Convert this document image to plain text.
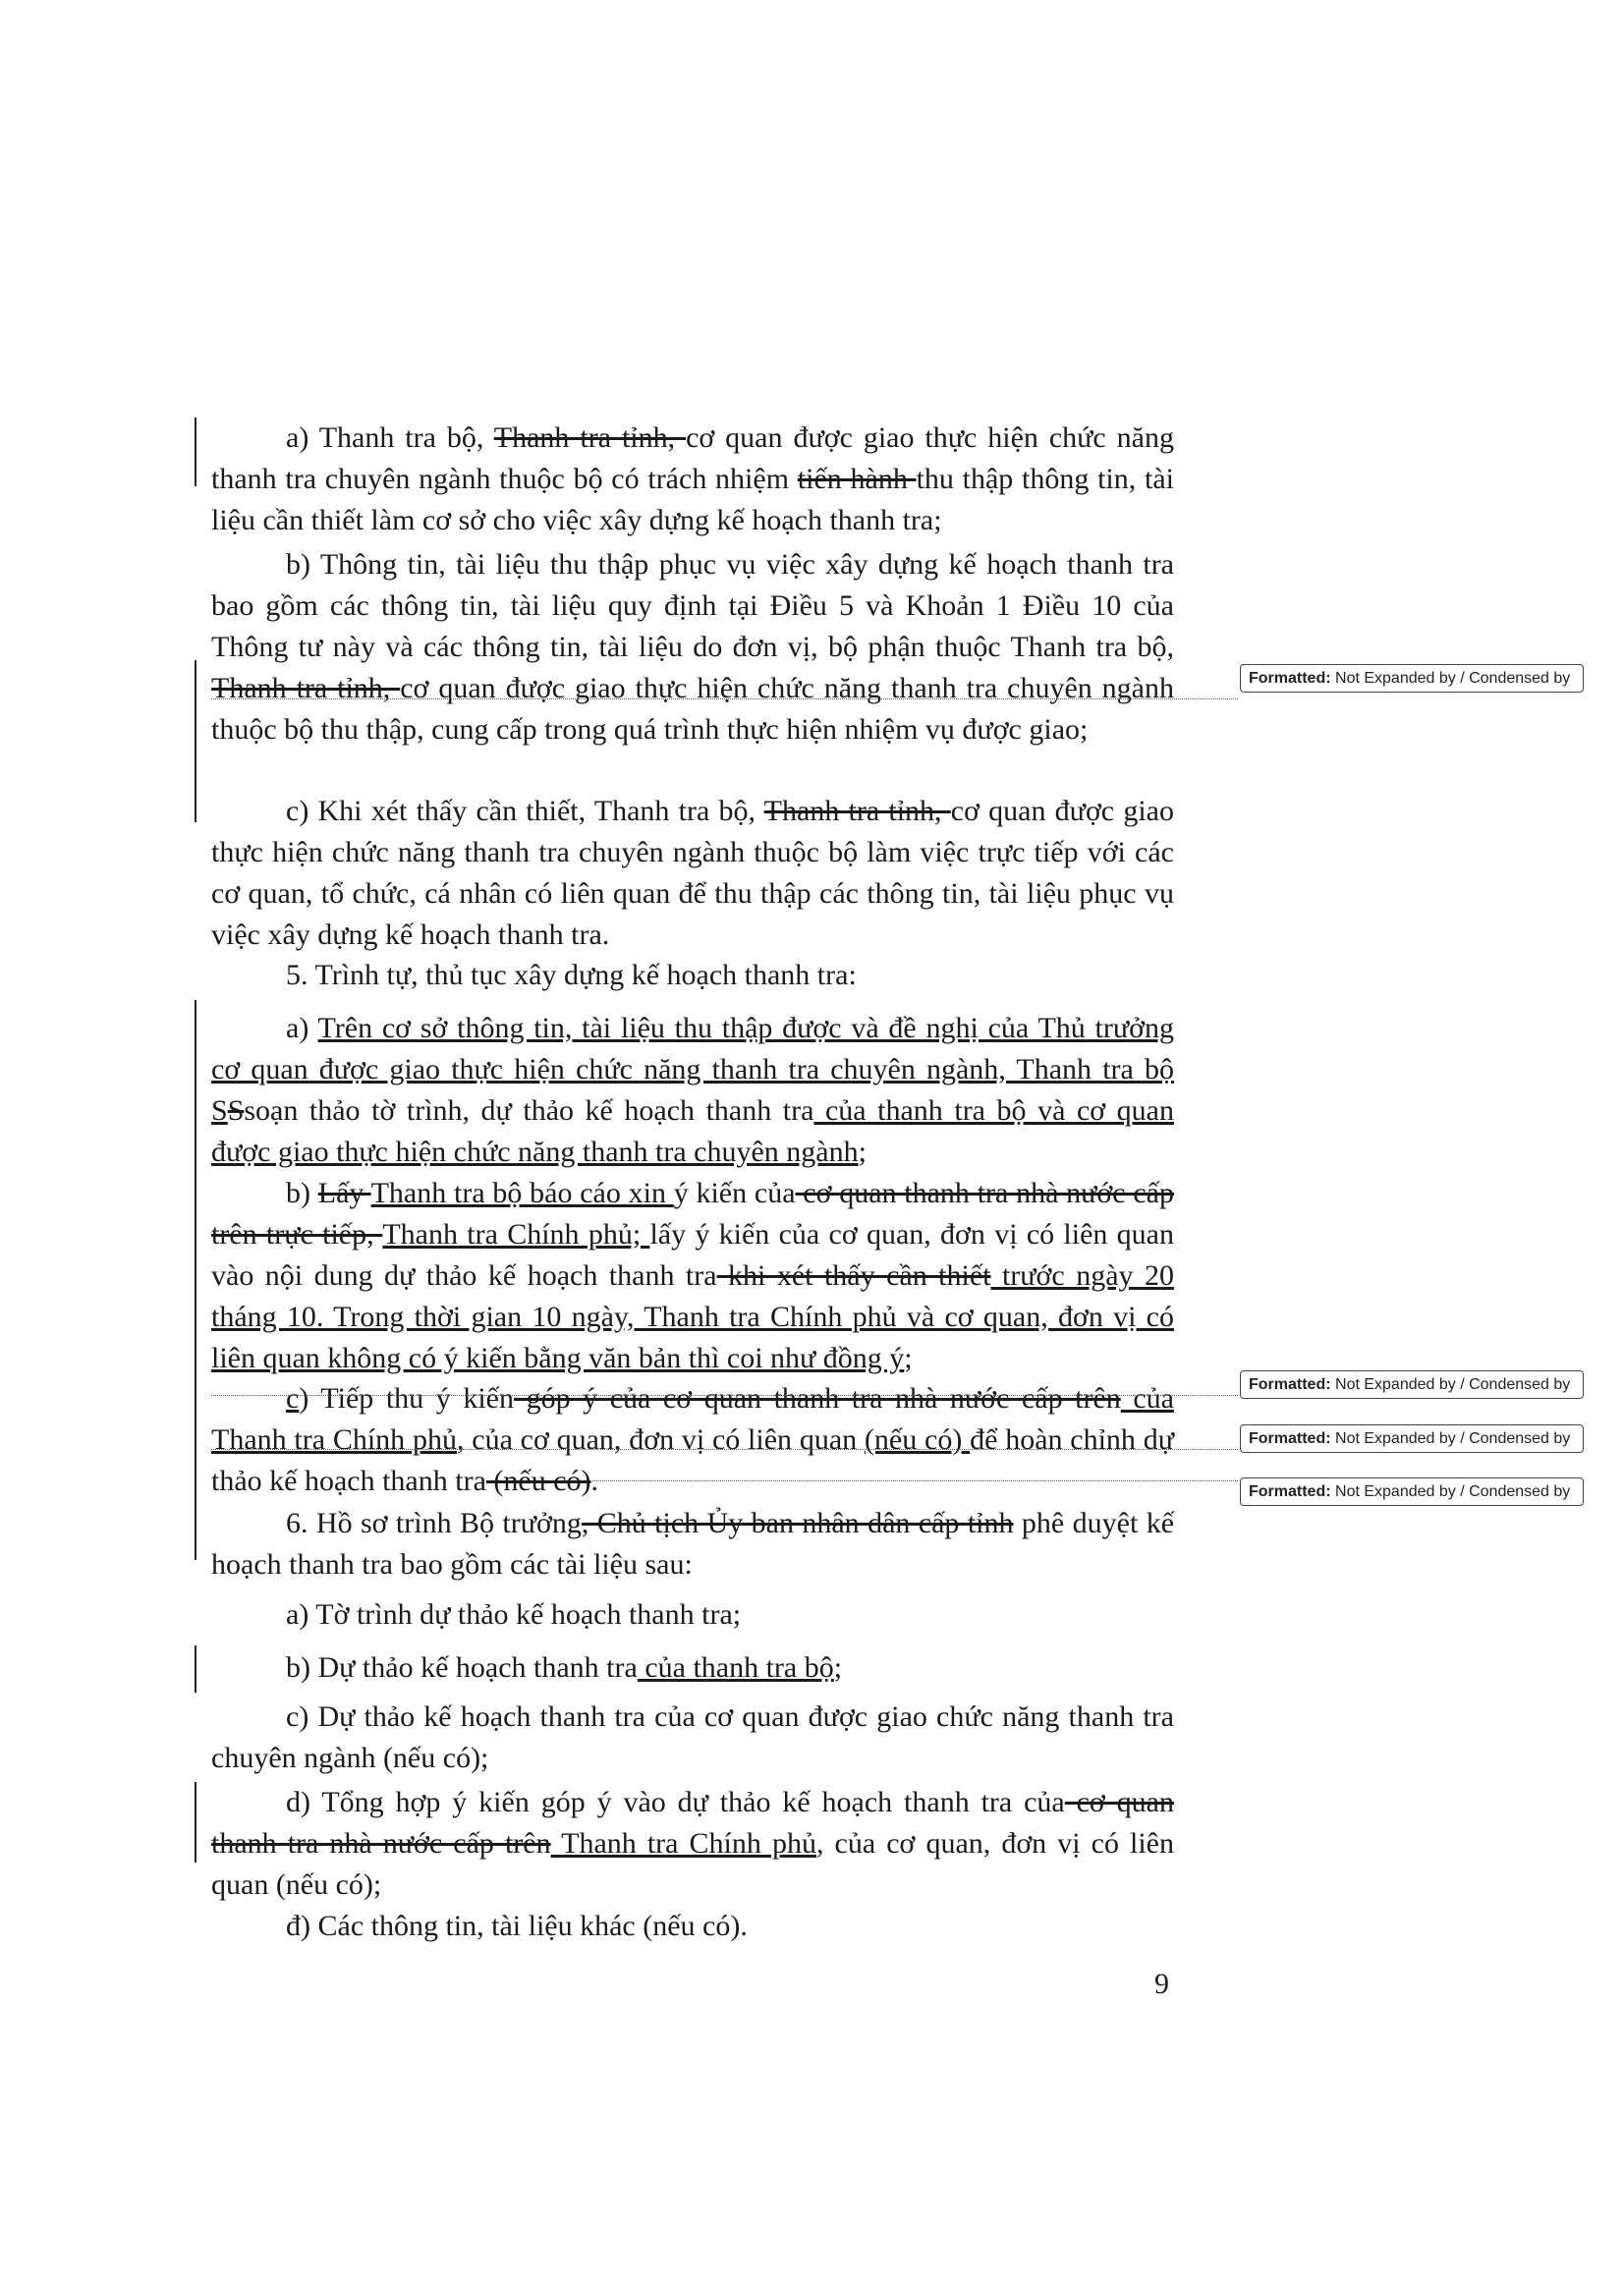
a) Thanh tra bộ, Thanh tra tỉnh, cơ quan được giao thực hiện chức năng thanh tra chuyên ngành thuộc bộ có trách nhiệm tiến hành thu thập thông tin, tài liệu cần thiết làm cơ sở cho việc xây dựng kế hoạch thanh tra;

b) Thông tin, tài liệu thu thập phục vụ việc xây dựng kế hoạch thanh tra bao gồm các thông tin, tài liệu quy định tại Điều 5 và Khoản 1 Điều 10 của Thông tư này và các thông tin, tài liệu do đơn vị, bộ phận thuộc Thanh tra bộ, Thanh tra tỉnh, cơ quan được giao thực hiện chức năng thanh tra chuyên ngành thuộc bộ thu thập, cung cấp trong quá trình thực hiện nhiệm vụ được giao;

c) Khi xét thấy cần thiết, Thanh tra bộ, Thanh tra tỉnh, cơ quan được giao thực hiện chức năng thanh tra chuyên ngành thuộc bộ làm việc trực tiếp với các cơ quan, tổ chức, cá nhân có liên quan để thu thập các thông tin, tài liệu phục vụ việc xây dựng kế hoạch thanh tra.

5. Trình tự, thủ tục xây dựng kế hoạch thanh tra:

a) Trên cơ sở thông tin, tài liệu thu thập được và đề nghị của Thủ trưởng cơ quan được giao thực hiện chức năng thanh tra chuyên ngành, Thanh tra bộ SSsoạn thảo tờ trình, dự thảo kế hoạch thanh tra của thanh tra bộ và cơ quan được giao thực hiện chức năng thanh tra chuyên ngành;

b) Lấy Thanh tra bộ báo cáo xin ý kiến của cơ quan thanh tra nhà nước cấp trên trực tiếp, Thanh tra Chính phủ; lấy ý kiến của cơ quan, đơn vị có liên quan vào nội dung dự thảo kế hoạch thanh tra khi xét thấy cần thiết trước ngày 20 tháng 10. Trong thời gian 10 ngày, Thanh tra Chính phủ và cơ quan, đơn vị có liên quan không có ý kiến bằng văn bản thì coi như đồng ý;

c) Tiếp thu ý kiến góp ý của cơ quan thanh tra nhà nước cấp trên của Thanh tra Chính phủ, của cơ quan, đơn vị có liên quan (nếu có) để hoàn chỉnh dự thảo kế hoạch thanh tra (nếu có).

6. Hồ sơ trình Bộ trưởng, Chủ tịch Ủy ban nhân dân cấp tỉnh phê duyệt kế hoạch thanh tra bao gồm các tài liệu sau:

a) Tờ trình dự thảo kế hoạch thanh tra;

b) Dự thảo kế hoạch thanh tra của thanh tra bộ;

c) Dự thảo kế hoạch thanh tra của cơ quan được giao chức năng thanh tra chuyên ngành (nếu có);

d) Tổng hợp ý kiến góp ý vào dự thảo kế hoạch thanh tra của cơ quan thanh tra nhà nước cấp trên Thanh tra Chính phủ, của cơ quan, đơn vị có liên quan (nếu có);

đ) Các thông tin, tài liệu khác (nếu có).

Formatted: Not Expanded by / Condensed by
Formatted: Not Expanded by / Condensed by
Formatted: Not Expanded by / Condensed by
Formatted: Not Expanded by / Condensed by
9
